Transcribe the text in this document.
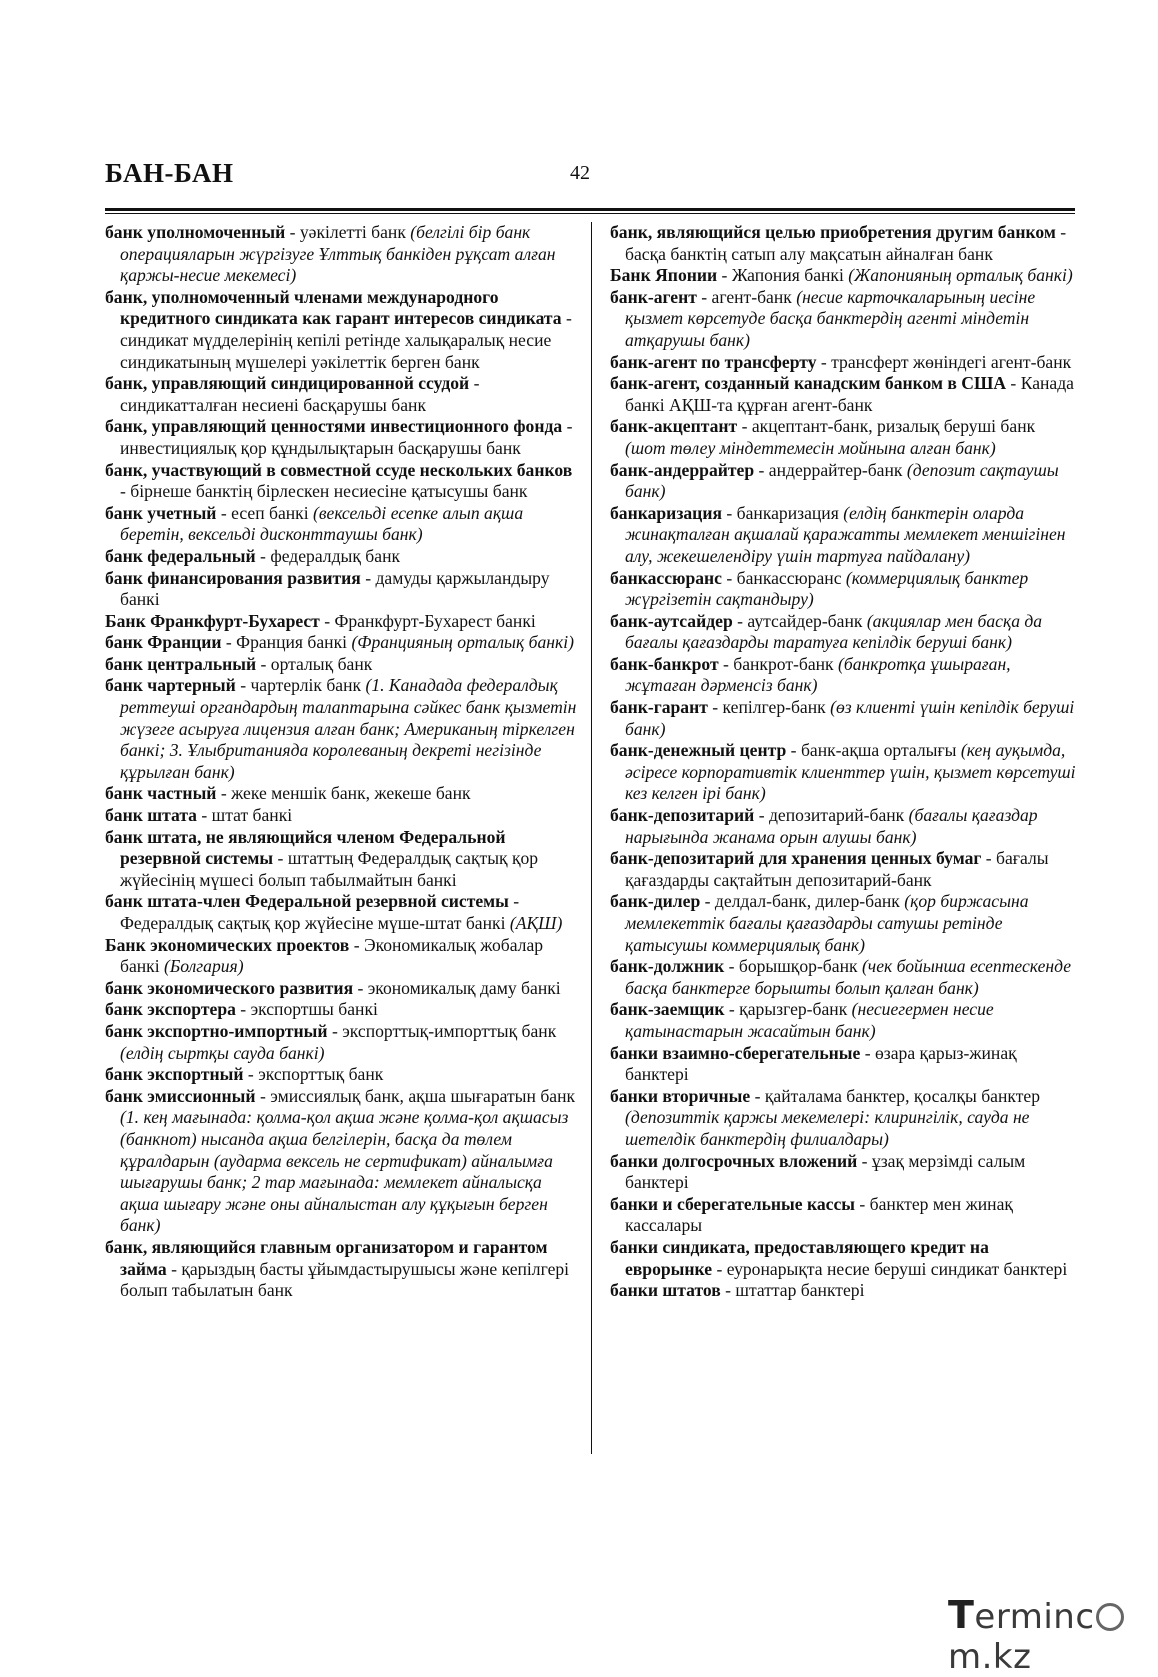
БАН-БАН	42

банк уполномоченный - уәкілетті банк (белгілі бір банк операцияларын жүргізуге Ұлттық банкіден рұқсат алған қаржы-несие мекемесі)

банк, уполномоченный членами международного кредитного синдиката как гарант интересов синдиката - синдикат мүдделерінің кепілі ретінде халықаралық несие синдикатының мүшелері уәкілеттік берген банк

банк, управляющий синдицированной ссудой - синдикатталған несиені басқарушы банк

банк, управляющий ценностями инвестиционного фонда - инвестициялық қор құндылықтарын басқарушы банк

банк, участвующий в совместной ссуде нескольких банков - бірнеше банктің бірлескен несиесіне қатысушы банк

банк учетный - есеп банкі (вексельді есепке алып ақша беретін, вексельді дисконттаушы банк)

банк федеральный - федералдық банк

банк финансирования развития - дамуды қаржыландыру банкі

Банк Франкфурт-Бухарест - Франкфурт-Бухарест банкі

банк Франции - Франция банкі (Францияның орталық банкі)

банк центральный - орталық банк

банк чартерный - чартерлік банк (1. Канадада федералдық реттеуші органдардың талаптарына сәйкес банк қызметін жүзеге асыруға лицензия алған банк; Американың тіркелген банкі; 3. Ұлыбританияда королеваның декреті негізінде құрылған банк)

банк частный - жеке меншік банк, жекеше банк

банк штата - штат банкі

банк штата, не являющийся членом Федеральной резервной системы - штаттың Федералдық сақтық қор жүйесінің мүшесі болып табылмайтын банкі

банк штата-член Федеральной резервной системы - Федералдық сақтық қор жүйесіне мүше-штат банкі (АҚШ)

Банк экономических проектов - Экономикалық жобалар банкі (Болгария)

банк экономического развития - экономикалық даму банкі

банк экспортера - экспортшы банкі

банк экспортно-импортный - экспорттық-импорттық банк (елдің сыртқы сауда банкі)

банк экспортный - экспорттық банк

банк эмиссионный - эмиссиялық банк, ақша шығаратын банк (1. кең мағынада: қолма-қол ақша және қолма-қол ақшасыз (банкнот) нысанда ақша белгілерін, басқа да төлем құралдарын (аударма вексель не сертификат) айналымға шығарушы банк; 2 тар мағынада: мемлекет айналысқа ақша шығару және оны айналыстан алу құқығын берген банк)

банк, являющийся главным организатором и гарантом займа - қарыздың басты ұйымдастырушысы және кепілгері болып табылатын банк

банк, являющийся целью приобретения другим банком - басқа банктің сатып алу мақсатын айналған банк

Банк Японии - Жапония банкі (Жапонияның орталық банкі)

банк-агент - агент-банк (несие карточкаларының иесіне қызмет көрсетуде басқа банктердің агенті міндетін атқарушы банк)

банк-агент по трансферту - трансферт жөніндегі агент-банк

банк-агент, созданный канадским банком в США - Канада банкі АҚШ-та құрған агент-банк

банк-акцептант - акцептант-банк, ризалық беруші банк (шот төлеу міндеттемесін мойнына алған банк)

банк-андеррайтер - андеррайтер-банк (депозит сақтаушы банк)

банкаризация - банкаризация (елдің банктерін оларда жинақталған ақшалай қаражатты мемлекет меншігінен алу, жекешелендіру үшін тартуға пайдалану)

банкассюранс - банкассюранс (коммерциялық банктер жүргізетін сақтандыру)

банк-аутсайдер - аутсайдер-банк (акциялар мен басқа да бағалы қағаздарды таратуға кепілдік беруші банк)

банк-банкрот - банкрот-банк (банкротқа ұшыраған, жұтаған дәрменсіз банк)

банк-гарант - кепілгер-банк (өз клиенті үшін кепілдік беруші банк)

банк-денежный центр - банк-ақша орталығы (кең ауқымда, әсіресе корпоративтік клиенттер үшін, қызмет көрсетуші кез келген ірі банк)

банк-депозитарий - депозитарий-банк (бағалы қағаздар нарығында жанама орын алушы банк)

банк-депозитарий для хранения ценных бумаг - бағалы қағаздарды сақтайтын депозитарий-банк

банк-дилер - делдал-банк, дилер-банк (қор биржасына мемлекеттік бағалы қағаздарды сатушы ретінде қатысушы коммерциялық банк)

банк-должник - борышқор-банк (чек бойынша есептескенде басқа банктерге борышты болып қалған банк)

банк-заемщик - қарызгер-банк (несиегермен несие қатынастарын жасайтын банк)

банки взаимно-сберегательные - өзара қарыз-жинақ банктері

банки вторичные - қайталама банктер, қосалқы банктер (депозиттік қаржы мекемелері: клирингілік, сауда не шетелдік банктердің филиалдары)

банки долгосрочных вложений - ұзақ мерзімді салым банктері

банки и сберегательные кассы - банктер мен жинақ кассалары

банки синдиката, предоставляющего кредит на еврорынке - еуронарықта несие беруші синдикат банктері

банки штатов - штаттар банктері

Termincm.kz
